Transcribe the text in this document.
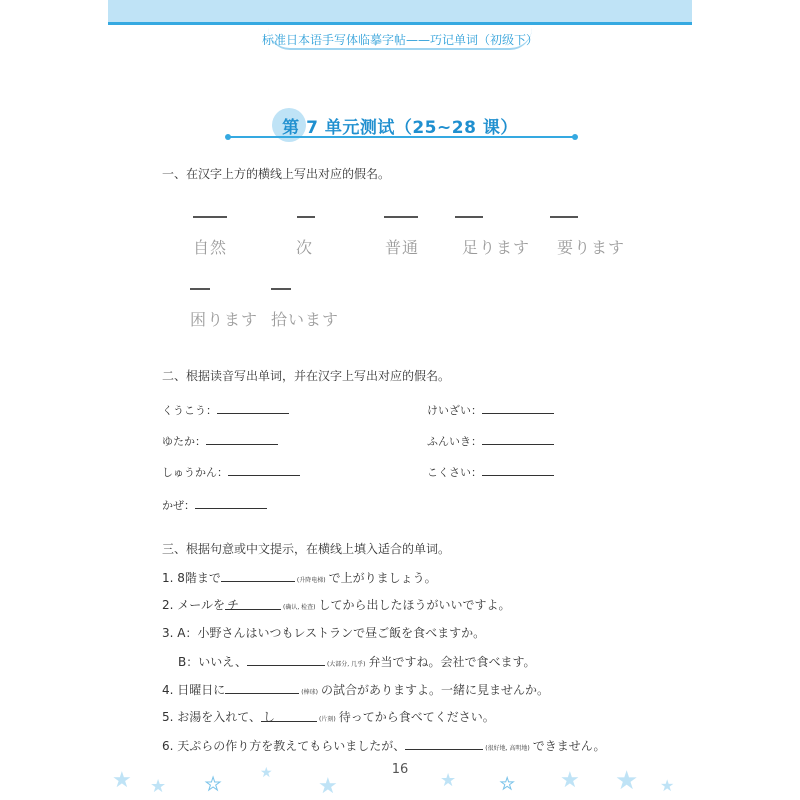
标准日本语手写体临摹字帖——巧记单词（初级下）
第 7 单元测试（25~28 课）
一、在汉字上方的横线上写出对应的假名。
自然	次	普通	足ります 要ります
困ります 拾います
二、根据读音写出单词，并在汉字上写出对应的假名。
くうこう：	けいざい：
ゆたか：	ふんいき：
しゅうかん：	こくさい：
かぜ：
三、根据句意或中文提示，在横线上填入适合的单词。
1. 8階まで	(升降电梯) で上がりましょう。
2. メールを チ	(确认, 检查) してから出したほうがいいですよ。
3. A：小野さんはいつもレストランで昼ご飯を食べますか。
B：いいえ、	(大部分, 几乎) 弁当ですね。会社で食べます。
4. 日曜日に	(棒球) の試合がありますよ。一緒に見ませんか。
5. お湯を入れて、 し	(片刻) 待ってから食べてください。
6. 天ぷらの作り方を教えてもらいましたが、	(很好地, 高明地) できません。
16
★ ★ ★
★
★	★	★ ★ ★ ★
